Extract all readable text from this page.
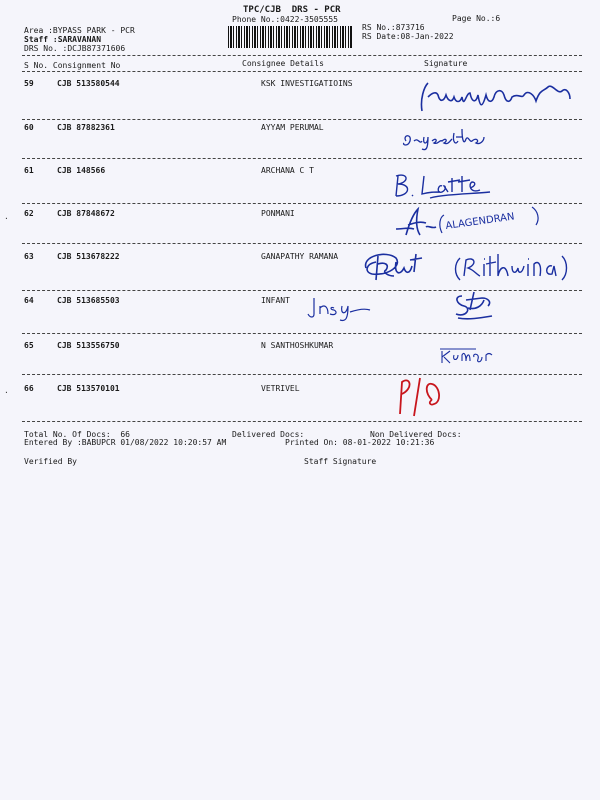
TPC/CJB  DRS - PCR
Phone No.:0422-3505555	Page No.:6
Area :BYPASS PARK - PCR
Staff :SARAVANAN
DRS No. :DCJB87371606
RS No.:873716
RS Date:08-Jan-2022
S No. Consignment No	Consignee Details	Signature
59	CJB 513580544	KSK INVESTIGATIOINS
60	CJB 87882361	AYYAM PERUMAL
61	CJB 148566	ARCHANA C T
62	CJB 87848672	PONMANI	ALAGENDRAN
63	CJB 513678222	GANAPATHY RAMANA
64	CJB 513685503	INFANT
65	CJB 513556750	N SANTHOSHKUMAR
66	CJB 513570101	VETRIVEL
Total No. Of Docs:  66	Delivered Docs:	Non Delivered Docs:
Entered By :BABUPCR 01/08/2022 10:20:57 AM	Printed On: 08-01-2022 10:21:36
Verified By	Staff Signature
·
·
